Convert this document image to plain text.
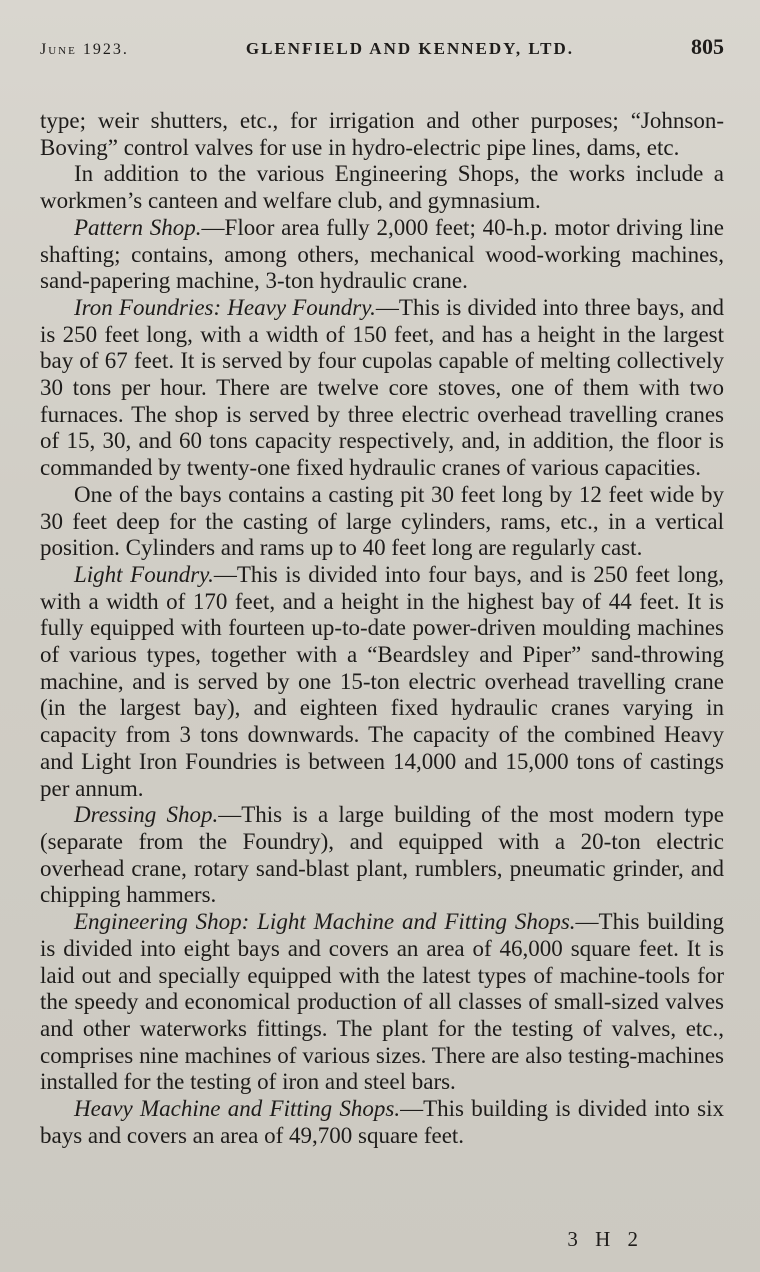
June 1923.	GLENFIELD AND KENNEDY, LTD.	805

type; weir shutters, etc., for irrigation and other purposes; “Johnson-Boving” control valves for use in hydro-electric pipe lines, dams, etc.

In addition to the various Engineering Shops, the works include a workmen’s canteen and welfare club, and gymnasium.

Pattern Shop.—Floor area fully 2,000 feet; 40-h.p. motor driving line shafting; contains, among others, mechanical wood-working machines, sand-papering machine, 3-ton hydraulic crane.

Iron Foundries: Heavy Foundry.—This is divided into three bays, and is 250 feet long, with a width of 150 feet, and has a height in the largest bay of 67 feet. It is served by four cupolas capable of melting collectively 30 tons per hour. There are twelve core stoves, one of them with two furnaces. The shop is served by three electric overhead travelling cranes of 15, 30, and 60 tons capacity respectively, and, in addition, the floor is commanded by twenty-one fixed hydraulic cranes of various capacities.

One of the bays contains a casting pit 30 feet long by 12 feet wide by 30 feet deep for the casting of large cylinders, rams, etc., in a vertical position. Cylinders and rams up to 40 feet long are regularly cast.

Light Foundry.—This is divided into four bays, and is 250 feet long, with a width of 170 feet, and a height in the highest bay of 44 feet. It is fully equipped with fourteen up-to-date power-driven moulding machines of various types, together with a “Beardsley and Piper” sand-throwing machine, and is served by one 15-ton electric overhead travelling crane (in the largest bay), and eighteen fixed hydraulic cranes varying in capacity from 3 tons downwards. The capacity of the combined Heavy and Light Iron Foundries is between 14,000 and 15,000 tons of castings per annum.

Dressing Shop.—This is a large building of the most modern type (separate from the Foundry), and equipped with a 20-ton electric overhead crane, rotary sand-blast plant, rumblers, pneumatic grinder, and chipping hammers.

Engineering Shop: Light Machine and Fitting Shops.—This building is divided into eight bays and covers an area of 46,000 square feet. It is laid out and specially equipped with the latest types of machine-tools for the speedy and economical production of all classes of small-sized valves and other waterworks fittings. The plant for the testing of valves, etc., comprises nine machines of various sizes. There are also testing-machines installed for the testing of iron and steel bars.

Heavy Machine and Fitting Shops.—This building is divided into six bays and covers an area of 49,700 square feet.

3 H 2
